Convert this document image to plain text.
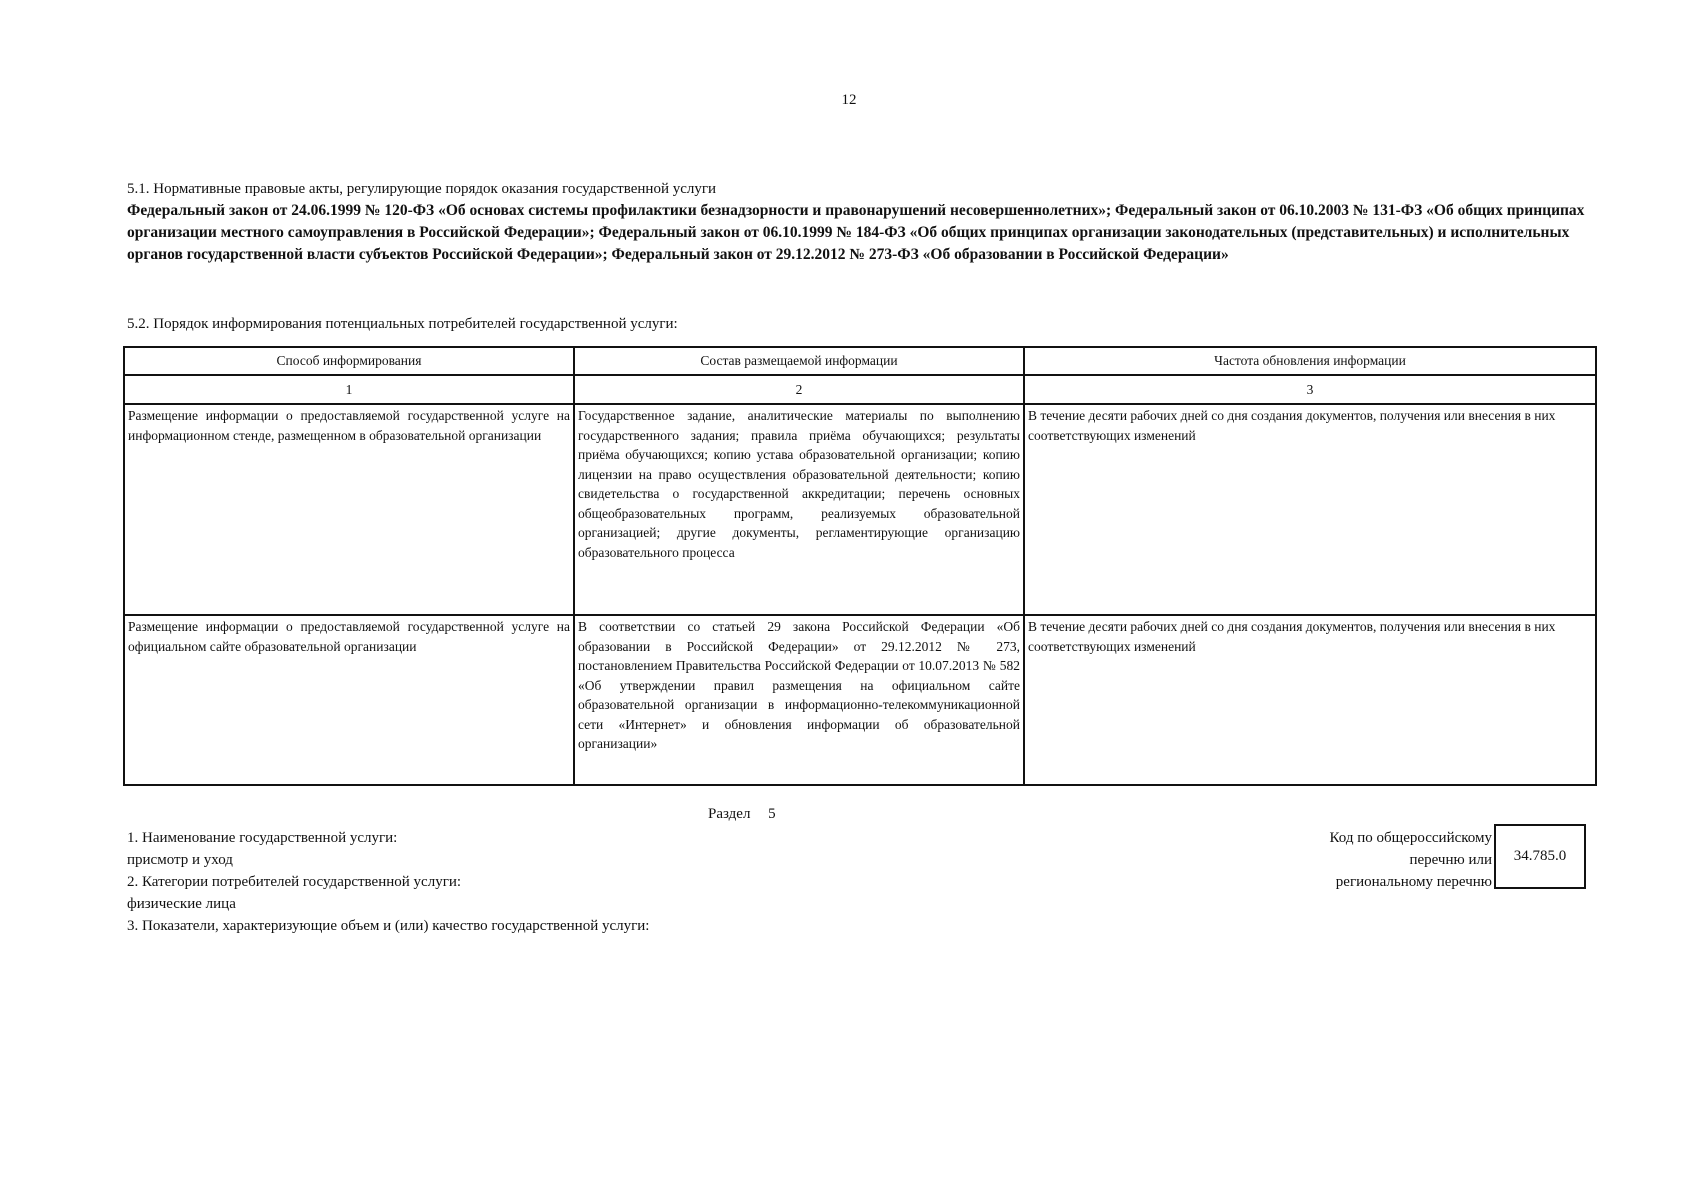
12
5.1. Нормативные правовые акты, регулирующие порядок оказания государственной услуги
Федеральный закон от 24.06.1999 № 120-ФЗ «Об основах системы профилактики безнадзорности и правонарушений несовершеннолетних»; Федеральный закон от 06.10.2003 № 131-ФЗ «Об общих принципах организации местного самоуправления в Российской Федерации»; Федеральный закон от 06.10.1999 № 184-ФЗ «Об общих принципах организации законодательных (представительных) и исполнительных органов государственной власти субъектов Российской Федерации»; Федеральный закон от 29.12.2012 № 273-ФЗ «Об образовании в Российской Федерации»
5.2. Порядок информирования потенциальных потребителей государственной услуги:
Способ информирования	Состав размещаемой информации	Частота обновления информации
1	2	3
Размещение информации о предоставляемой государственной услуге на информационном стенде, размещенном в образовательной организации	Государственное задание, аналитические материалы по выполнению государственного задания; правила приёма обучающихся; результаты приёма обучающихся; копию устава образовательной организации; копию лицензии на право осуществления образовательной деятельности; копию свидетельства о государственной аккредитации; перечень основных общеобразовательных программ, реализуемых образовательной организацией; другие документы, регламентирующие организацию образовательного процесса	В течение десяти рабочих дней со дня создания документов, получения или внесения в них соответствующих изменений
Размещение информации о предоставляемой государственной услуге на официальном сайте образовательной организации	В соответствии со статьей 29 закона Российской Федерации «Об образовании в Российской Федерации» от 29.12.2012 № 273, постановлением Правительства Российской Федерации от 10.07.2013 № 582 «Об утверждении правил размещения на официальном сайте образовательной организации в информационно-телекоммуникационной сети «Интернет» и обновления информации об образовательной организации»	В течение десяти рабочих дней со дня создания документов, получения или внесения в них соответствующих изменений
Раздел 5
1. Наименование государственной услуги:
присмотр и уход
2. Категории потребителей государственной услуги:
физические лица
3. Показатели, характеризующие объем и (или) качество государственной услуги:
Код по общероссийскому
перечню или
региональному перечню
34.785.0
